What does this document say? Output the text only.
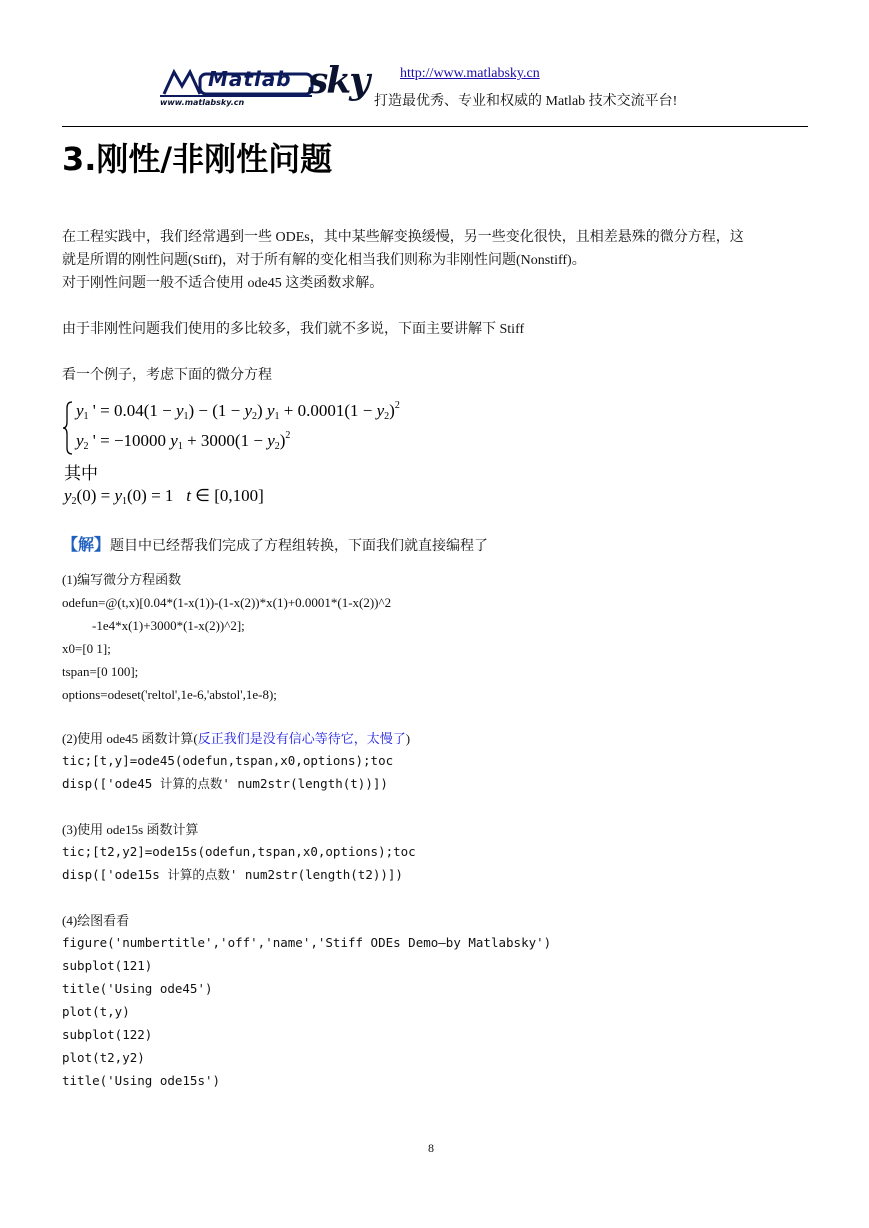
Matlab sky
www.matlabsky.cn
http://www.matlabsky.cn
打造最优秀、专业和权威的 Matlab 技术交流平台!
3.刚性/非刚性问题
在工程实践中，我们经常遇到一些 ODEs，其中某些解变换缓慢，另一些变化很快，且相差悬殊的微分方程，这
就是所谓的刚性问题(Stiff)，对于所有解的变化相当我们则称为非刚性问题(Nonstiff)。
对于刚性问题一般不适合使用 ode45 这类函数求解。
由于非刚性问题我们使用的多比较多，我们就不多说，下面主要讲解下 Stiff
看一个例子，考虑下面的微分方程
$y_1$ ' = $0.04(1 - y_1) - (1 - y_2)$ $y_1 + 0.0001(1 - y_2)^2$
$y_2$ ' = −10000 $y_1 + 3000(1 - y_2)^2$
其中
$y_2(0) = y_1(0) = 1$   t ∈ [0,100]
【解】题目中已经帮我们完成了方程组转换，下面我们就直接编程了
(1)编写微分方程函数
odefun=@(t,x)[0.04*(1-x(1))-(1-x(2))*x(1)+0.0001*(1-x(2))^2
-1e4*x(1)+3000*(1-x(2))^2];
x0=[0 1];
tspan=[0 100];
options=odeset('reltol',1e-6,'abstol',1e-8);
(2)使用 ode45 函数计算(反正我们是没有信心等待它，太慢了)
tic;[t,y]=ode45(odefun,tspan,x0,options);toc
disp(['ode45 计算的点数' num2str(length(t))])
(3)使用 ode15s 函数计算
tic;[t2,y2]=ode15s(odefun,tspan,x0,options);toc
disp(['ode15s 计算的点数' num2str(length(t2))])
(4)绘图看看
figure('numbertitle','off','name','Stiff ODEs Demo—by Matlabsky')
subplot(121)
title('Using ode45')
plot(t,y)
subplot(122)
plot(t2,y2)
title('Using ode15s')
8
